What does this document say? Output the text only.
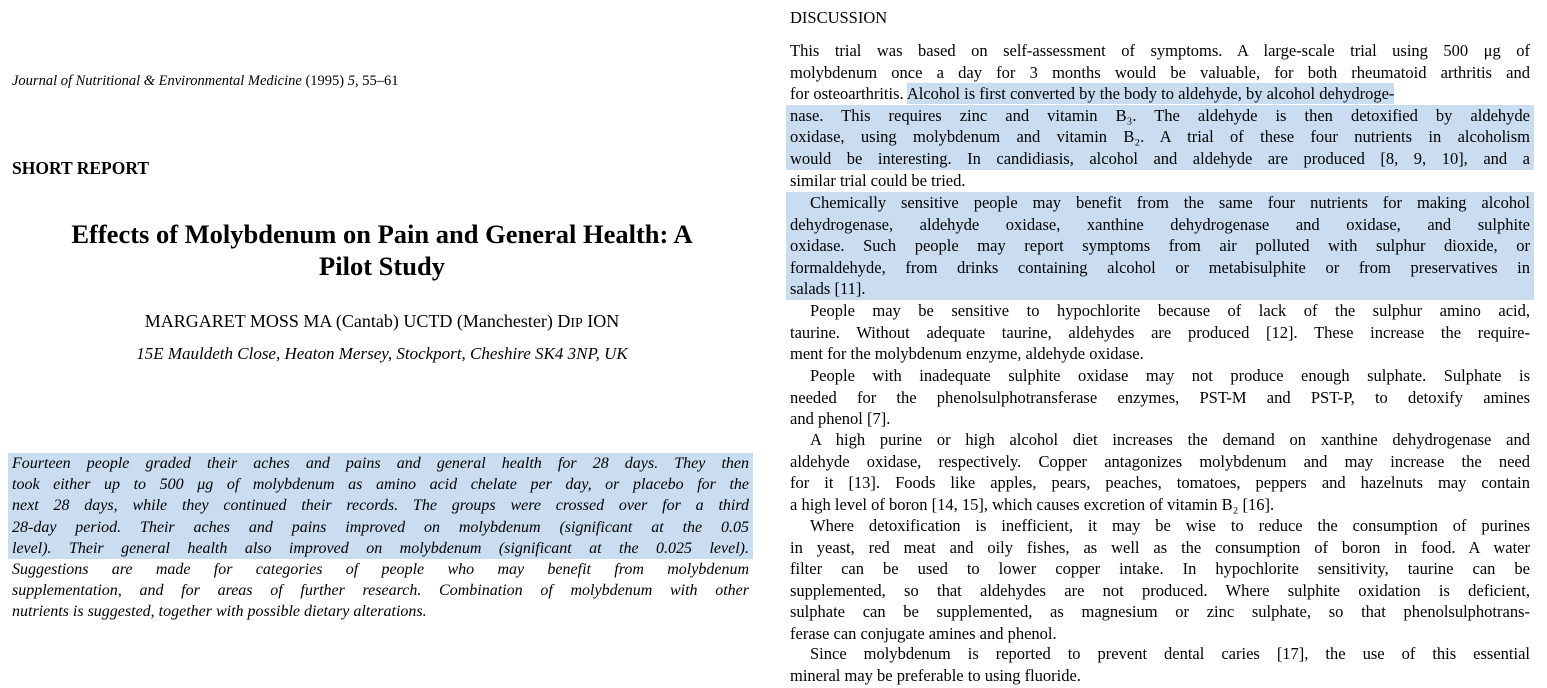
Journal of Nutritional & Environmental Medicine (1995) 5, 55–61
SHORT REPORT
Effects of Molybdenum on Pain and General Health: A
Pilot Study
MARGARET MOSS MA (Cantab) UCTD (Manchester) DIP ION
15E Mauldeth Close, Heaton Mersey, Stockport, Cheshire SK4 3NP, UK
Fourteen people graded their aches and pains and general health for 28 days. They then
took either up to 500 μg of molybdenum as amino acid chelate per day, or placebo for the
next 28 days, while they continued their records. The groups were crossed over for a third
28-day period. Their aches and pains improved on molybdenum (significant at the 0.05
level). Their general health also improved on molybdenum (significant at the 0.025 level).
Suggestions are made for categories of people who may benefit from molybdenum
supplementation, and for areas of further research. Combination of molybdenum with other
nutrients is suggested, together with possible dietary alterations.
DISCUSSION
This trial was based on self-assessment of symptoms. A large-scale trial using 500 μg of
molybdenum once a day for 3 months would be valuable, for both rheumatoid arthritis and
for osteoarthritis. Alcohol is first converted by the body to aldehyde, by alcohol dehydroge-
nase. This requires zinc and vitamin B₃. The aldehyde is then detoxified by aldehyde
oxidase, using molybdenum and vitamin B₂. A trial of these four nutrients in alcoholism
would be interesting. In candidiasis, alcohol and aldehyde are produced [8, 9, 10], and a
similar trial could be tried.
Chemically sensitive people may benefit from the same four nutrients for making alcohol
dehydrogenase, aldehyde oxidase, xanthine dehydrogenase and oxidase, and sulphite
oxidase. Such people may report symptoms from air polluted with sulphur dioxide, or
formaldehyde, from drinks containing alcohol or metabisulphite or from preservatives in
salads [11].
People may be sensitive to hypochlorite because of lack of the sulphur amino acid,
taurine. Without adequate taurine, aldehydes are produced [12]. These increase the require-
ment for the molybdenum enzyme, aldehyde oxidase.
People with inadequate sulphite oxidase may not produce enough sulphate. Sulphate is
needed for the phenolsulphotransferase enzymes, PST-M and PST-P, to detoxify amines
and phenol [7].
A high purine or high alcohol diet increases the demand on xanthine dehydrogenase and
aldehyde oxidase, respectively. Copper antagonizes molybdenum and may increase the need
for it [13]. Foods like apples, pears, peaches, tomatoes, peppers and hazelnuts may contain
a high level of boron [14, 15], which causes excretion of vitamin B₂ [16].
Where detoxification is inefficient, it may be wise to reduce the consumption of purines
in yeast, red meat and oily fishes, as well as the consumption of boron in food. A water
filter can be used to lower copper intake. In hypochlorite sensitivity, taurine can be
supplemented, so that aldehydes are not produced. Where sulphite oxidation is deficient,
sulphate can be supplemented, as magnesium or zinc sulphate, so that phenolsulphotrans-
ferase can conjugate amines and phenol.
Since molybdenum is reported to prevent dental caries [17], the use of this essential
mineral may be preferable to using fluoride.
